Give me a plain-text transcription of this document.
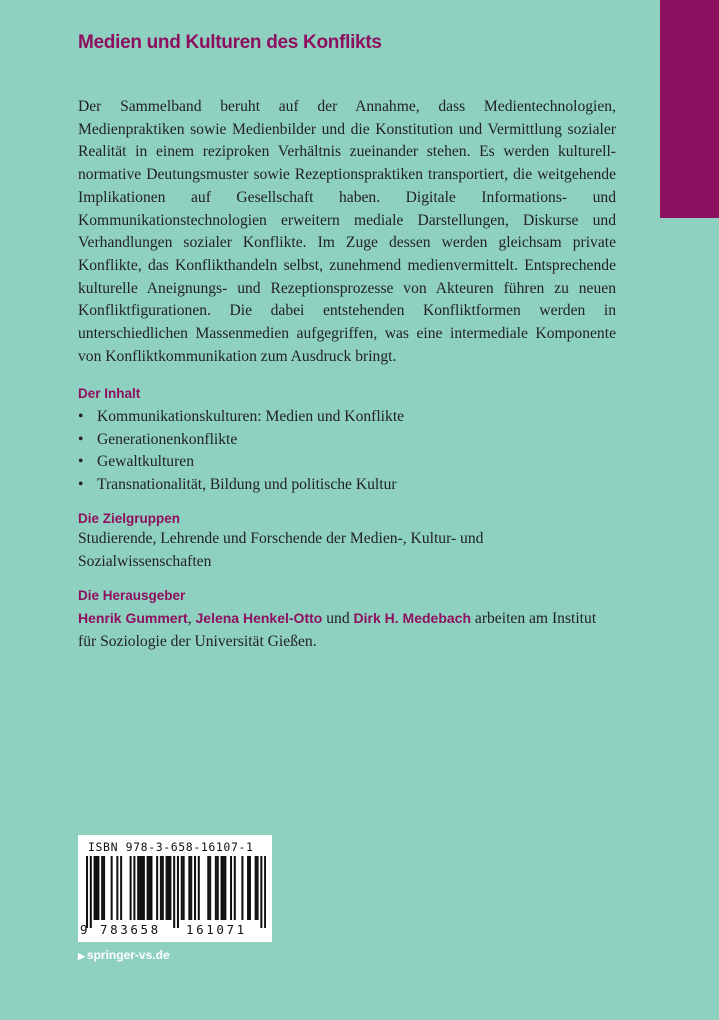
Medien und Kulturen des Konflikts

Der Sammelband beruht auf der Annahme, dass Medientechnologien, Medienpraktiken sowie Medienbilder und die Konstitution und Vermittlung sozialer Realität in einem reziproken Verhältnis zueinander stehen. Es werden kulturell-normative Deutungsmuster sowie Rezeptionspraktiken transportiert, die weitgehende Implikationen auf Gesellschaft haben. Digitale Informations- und Kommunikationstechnologien erweitern mediale Darstellungen, Diskurse und Verhandlungen sozialer Konflikte. Im Zuge dessen werden gleichsam private Konflikte, das Konflikthandeln selbst, zunehmend medienvermittelt. Entsprechende kulturelle Aneignungs- und Rezeptionsprozesse von Akteuren führen zu neuen Konfliktfigurationen. Die dabei entstehenden Konfliktformen werden in unterschiedlichen Massenmedien aufgegriffen, was eine intermediale Komponente von Konfliktkommunikation zum Ausdruck bringt.

Der Inhalt
• Kommunikationskulturen: Medien und Konflikte
• Generationenkonflikte
• Gewaltkulturen
• Transnationalität, Bildung und politische Kultur
Die Zielgruppen

Studierende, Lehrende und Forschende der Medien-, Kultur- und Sozialwissenschaften

Die Herausgeber

Henrik Gummert, Jelena Henkel-Otto und Dirk H. Medebach arbeiten am Institut für Soziologie der Universität Gießen.

ISBN 978-3-658-16107-1
9 783658 161071
▶ springer-vs.de
